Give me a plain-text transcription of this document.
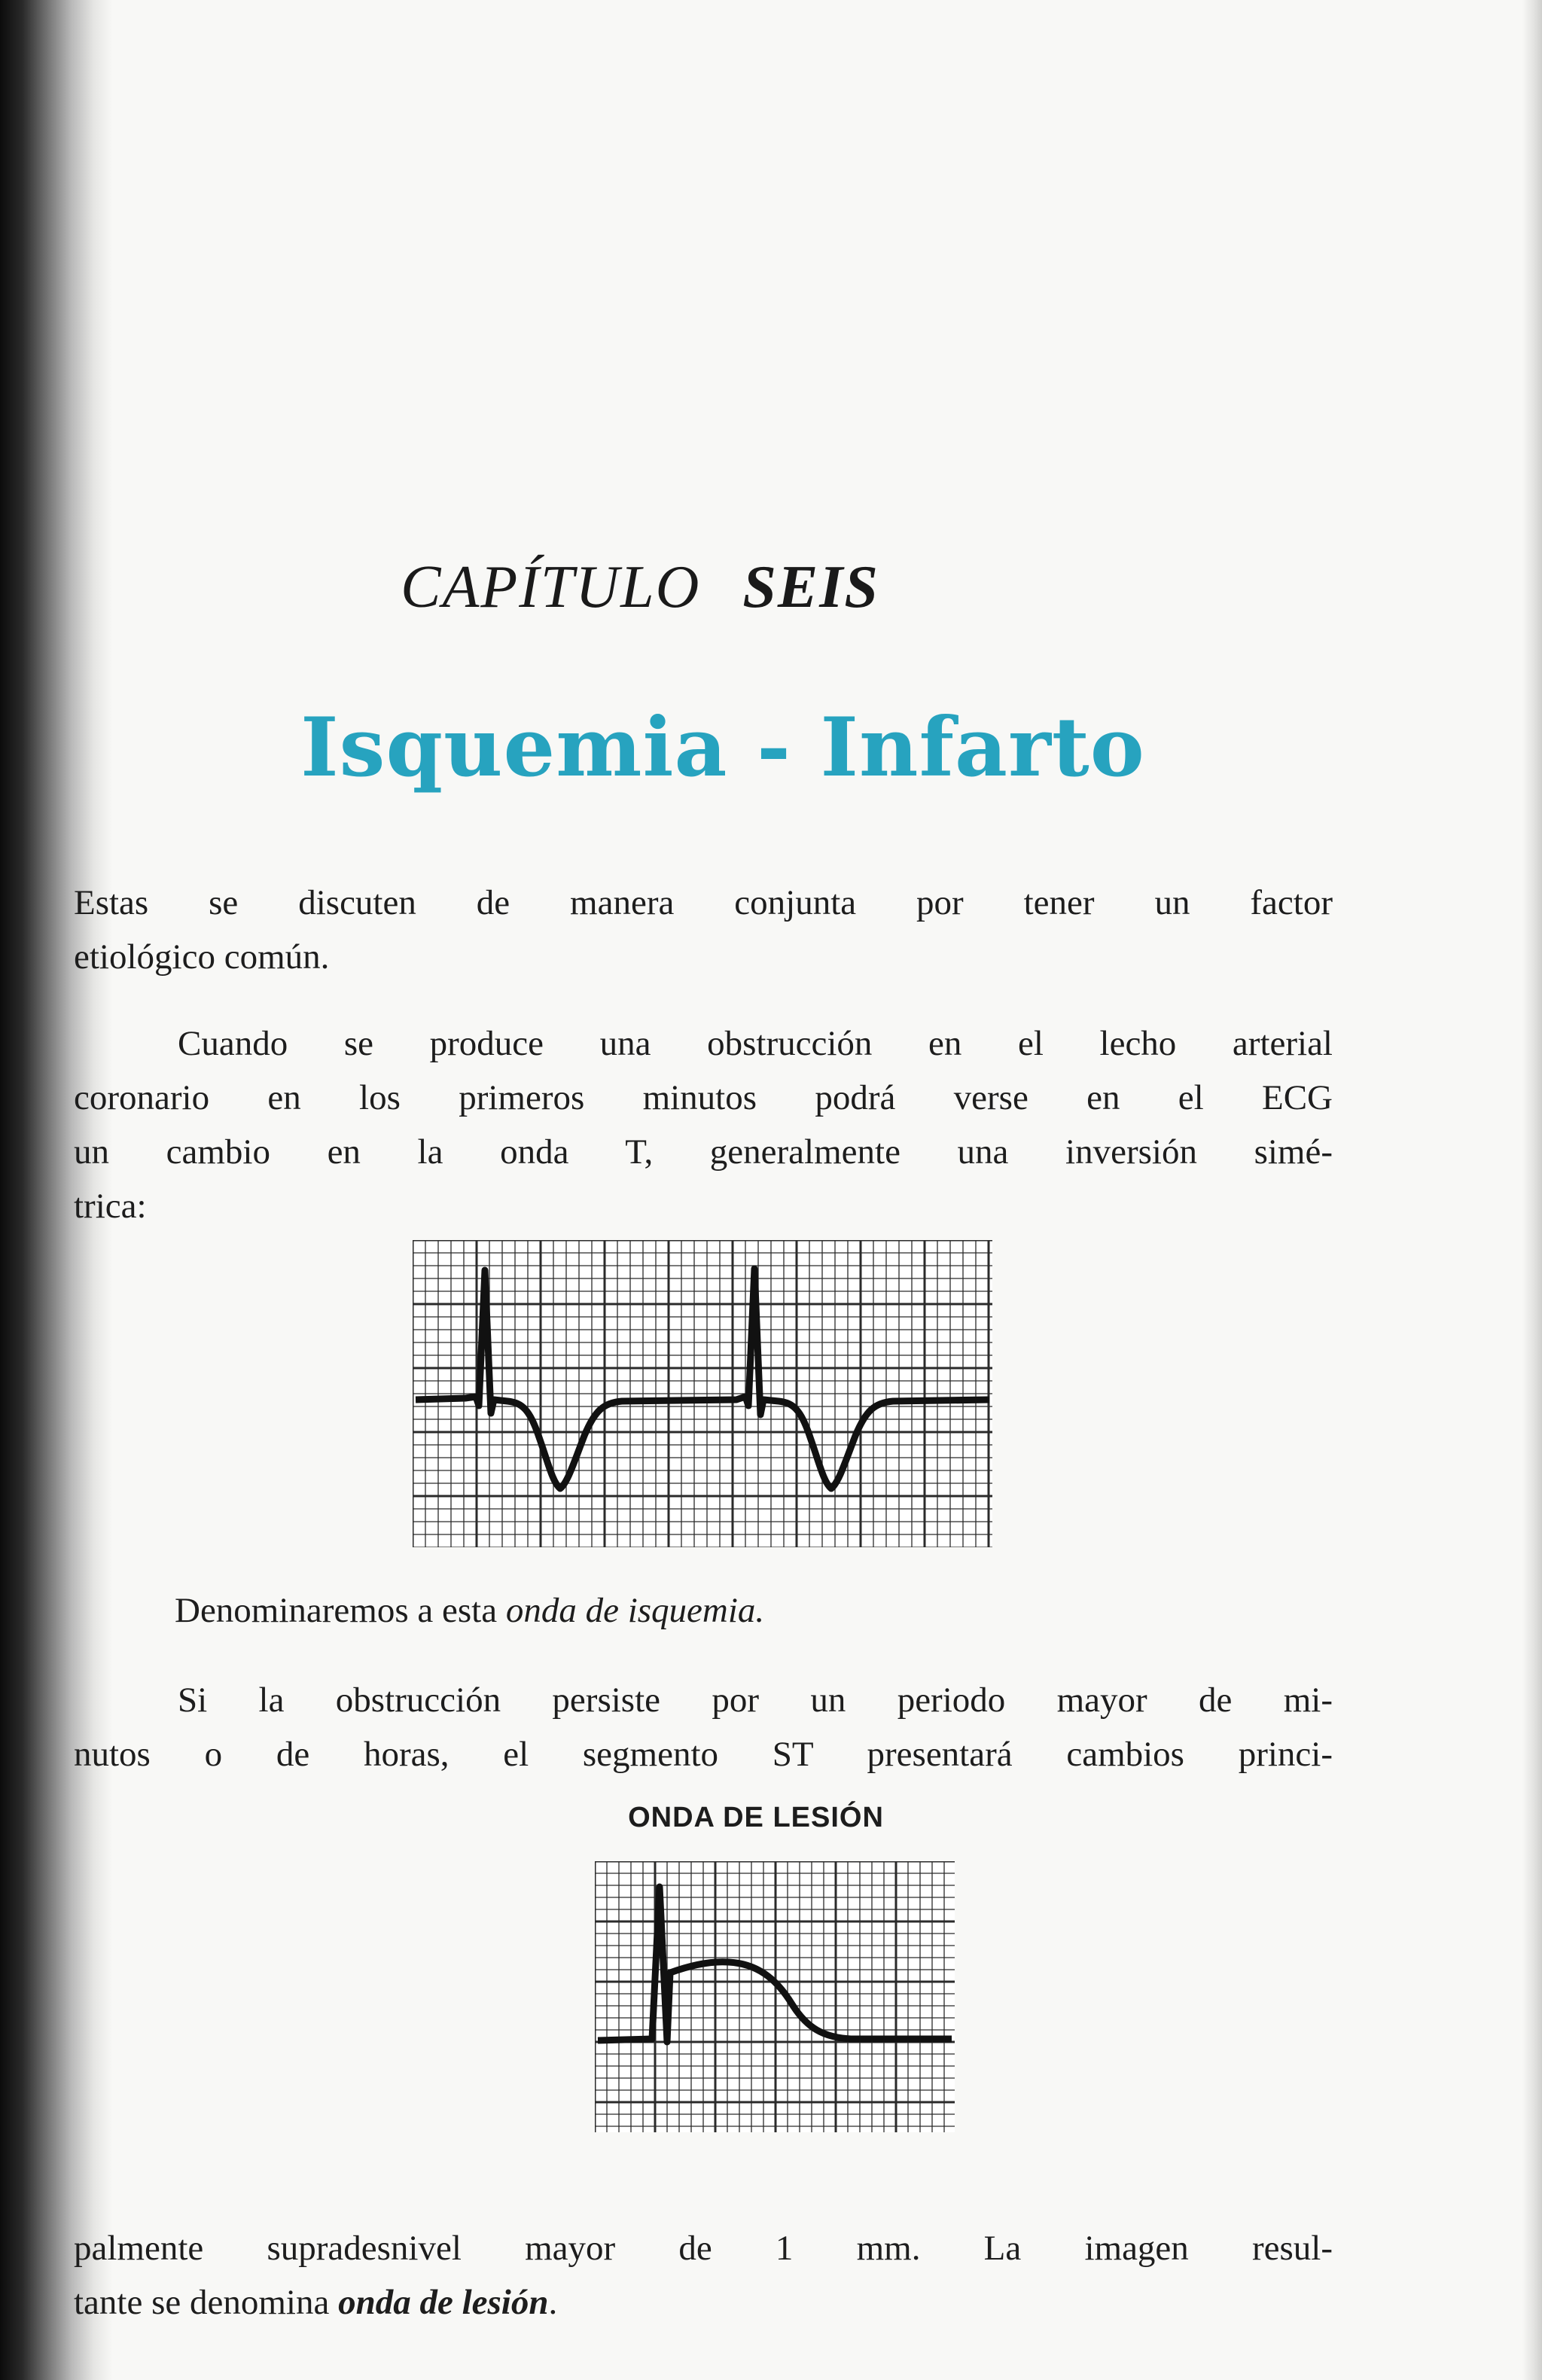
CAPÍTULO SEIS
Isquemia - Infarto
Estas se discuten de manera conjunta por tener un factor
etiológico común.
Cuando se produce una obstrucción en el lecho arterial
coronario en los primeros minutos podrá verse en el ECG
un cambio en la onda T, generalmente una inversión simé-
trica:
Denominaremos a esta onda de isquemia.
Si la obstrucción persiste por un periodo mayor de mi-
nutos o de horas, el segmento ST presentará cambios princi-
ONDA DE LESIÓN
palmente supradesnivel mayor de 1 mm. La imagen resul-
tante se denomina onda de lesión.
